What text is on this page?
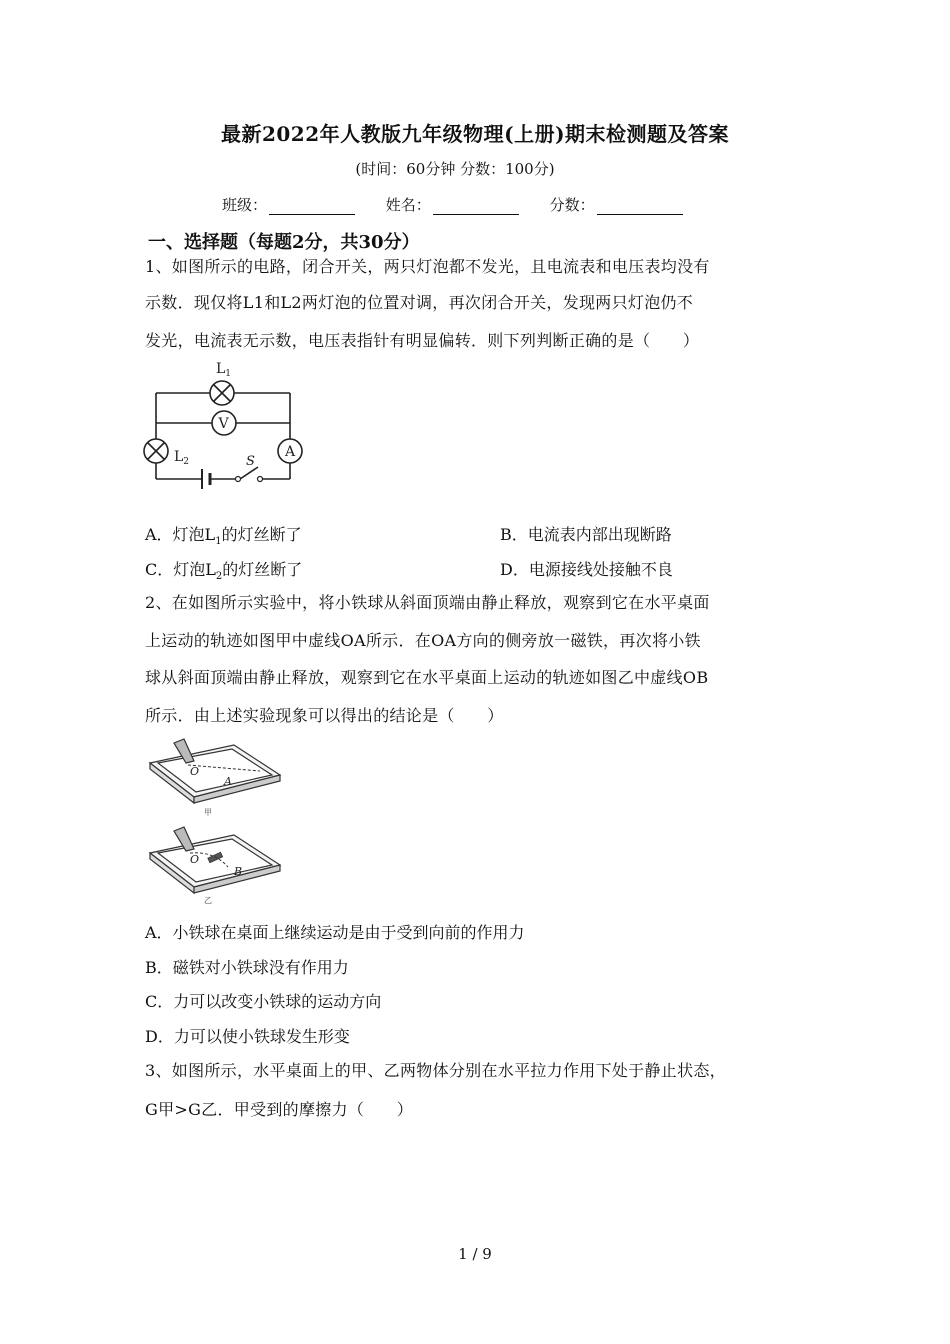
最新2022年人教版九年级物理(上册)期末检测题及答案
(时间：60分钟 分数：100分)
班级：	姓名：	分数：
一、选择题（每题2分，共30分）
1、如图所示的电路，闭合开关，两只灯泡都不发光，且电流表和电压表均没有
示数．现仅将L1和L2两灯泡的位置对调，再次闭合开关，发现两只灯泡仍不
发光，电流表无示数，电压表指针有明显偏转．则下列判断正确的是（　　）
$L_1$
V
$L_2$	S
A
A．灯泡$L_1$的灯丝断了	B．电流表内部出现断路
C．灯泡$L_2$的灯丝断了	D．电源接线处接触不良
2、在如图所示实验中，将小铁球从斜面顶端由静止释放，观察到它在水平桌面
上运动的轨迹如图甲中虚线OA所示．在OA方向的侧旁放一磁铁，再次将小铁
球从斜面顶端由静止释放，观察到它在水平桌面上运动的轨迹如图乙中虚线OB
所示．由上述实验现象可以得出的结论是（　　）
O
A
O
B
甲
乙
A．小铁球在桌面上继续运动是由于受到向前的作用力
B．磁铁对小铁球没有作用力
C．力可以改变小铁球的运动方向
D．力可以使小铁球发生形变
3、如图所示，水平桌面上的甲、乙两物体分别在水平拉力作用下处于静止状态，
G甲>G乙．甲受到的摩擦力（　　）
1 / 9
